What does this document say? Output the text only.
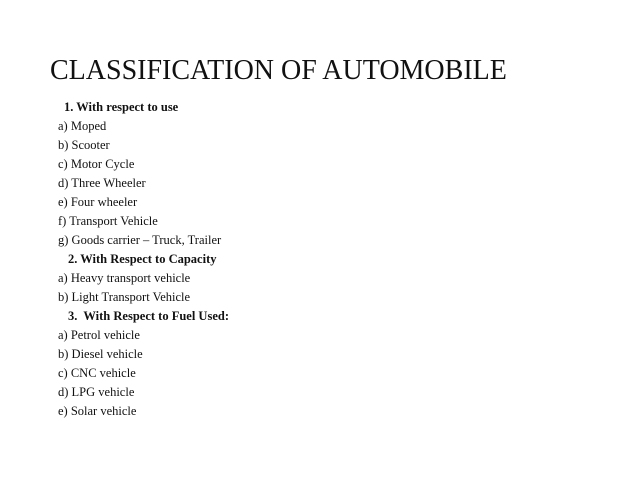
CLASSIFICATION OF AUTOMOBILE
1. With respect to use
a) Moped
b) Scooter
c) Motor Cycle
d) Three Wheeler
e) Four wheeler
f) Transport Vehicle
g) Goods carrier – Truck, Trailer
2. With Respect to Capacity
a) Heavy transport vehicle
b) Light Transport Vehicle
3.  With Respect to Fuel Used:
a) Petrol vehicle
b) Diesel vehicle
c) CNC vehicle
d) LPG vehicle
e) Solar vehicle
